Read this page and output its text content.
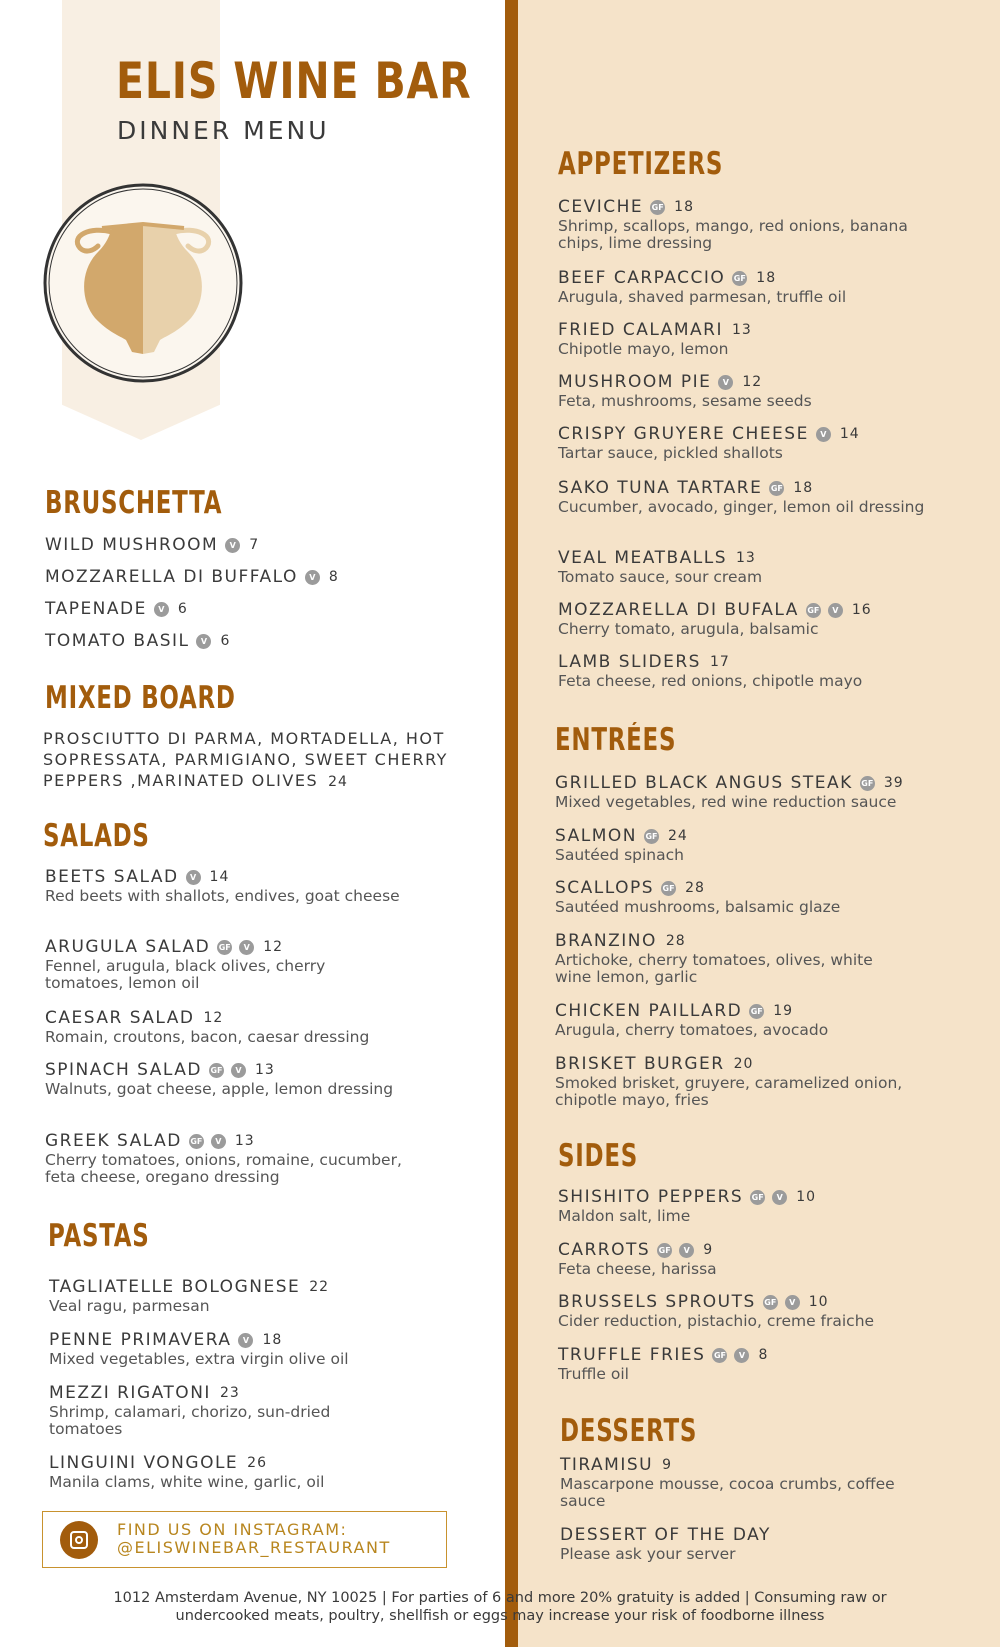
ELIS WINE BAR
DINNER MENU
PROSCIUTTO DI PARMA, MORTADELLA, HOT SOPRESSATA, PARMIGIANO, SWEET CHERRY PEPPERS ,MARINATED OLIVES 24
FIND US ON INSTAGRAM:
@ELISWINEBAR_RESTAURANT
1012 Amsterdam Avenue, NY 10025 | For parties of 6 and more 20% gratuity is added | Consuming raw or
undercooked meats, poultry, shellfish or eggs may increase your risk of foodborne illness
BRUSCHETTA
WILD MUSHROOM	V 7
MOZZARELLA DI BUFFALO	V 8
TAPENADE	V 6
TOMATO BASIL	V 6
MIXED BOARD
SALADS
BEETS SALAD	V 14
Red beets with shallots, endives, goat cheese
ARUGULA SALAD GF	V 12
Fennel, arugula, black olives, cherry tomatoes, lemon oil
CAESAR SALAD 12
Romain, croutons, bacon, caesar dressing
SPINACH SALAD GF	V 13
Walnuts, goat cheese, apple, lemon dressing
GREEK SALAD GF	V 13
Cherry tomatoes, onions, romaine, cucumber, feta cheese, oregano dressing
PASTAS
TAGLIATELLE BOLOGNESE 22
Veal ragu, parmesan
PENNE PRIMAVERA	V 18
Mixed vegetables, extra virgin olive oil
MEZZI RIGATONI 23
Shrimp, calamari, chorizo, sun-dried tomatoes
LINGUINI VONGOLE 26
Manila clams, white wine, garlic, oil
APPETIZERS
CEVICHE GF 18
Shrimp, scallops, mango, red onions, banana chips, lime dressing
BEEF CARPACCIO GF 18
Arugula, shaved parmesan, truffle oil
FRIED CALAMARI 13
Chipotle mayo, lemon
MUSHROOM PIE	V 12
Feta, mushrooms, sesame seeds
CRISPY GRUYERE CHEESE	V 14
Tartar sauce, pickled shallots
SAKO TUNA TARTARE GF 18
Cucumber, avocado, ginger, lemon oil dressing
VEAL MEATBALLS 13
Tomato sauce, sour cream
MOZZARELLA DI BUFALA GF	V 16
Cherry tomato, arugula, balsamic
LAMB SLIDERS 17
Feta cheese, red onions, chipotle mayo
ENTRÉES
GRILLED BLACK ANGUS STEAK GF 39
Mixed vegetables, red wine reduction sauce
SALMON GF 24
Sautéed spinach
SCALLOPS GF 28
Sautéed mushrooms, balsamic glaze
BRANZINO 28
Artichoke, cherry tomatoes, olives, white wine lemon, garlic
CHICKEN PAILLARD GF 19
Arugula, cherry tomatoes, avocado
BRISKET BURGER 20
Smoked brisket, gruyere, caramelized onion, chipotle mayo, fries
SIDES
SHISHITO PEPPERS GF	V 10
Maldon salt, lime
CARROTS GF	V 9
Feta cheese, harissa
BRUSSELS SPROUTS GF	V 10
Cider reduction, pistachio, creme fraiche
TRUFFLE FRIES GF	V 8
Truffle oil
DESSERTS
TIRAMISU 9
Mascarpone mousse, cocoa crumbs, coffee sauce
DESSERT OF THE DAY
Please ask your server
